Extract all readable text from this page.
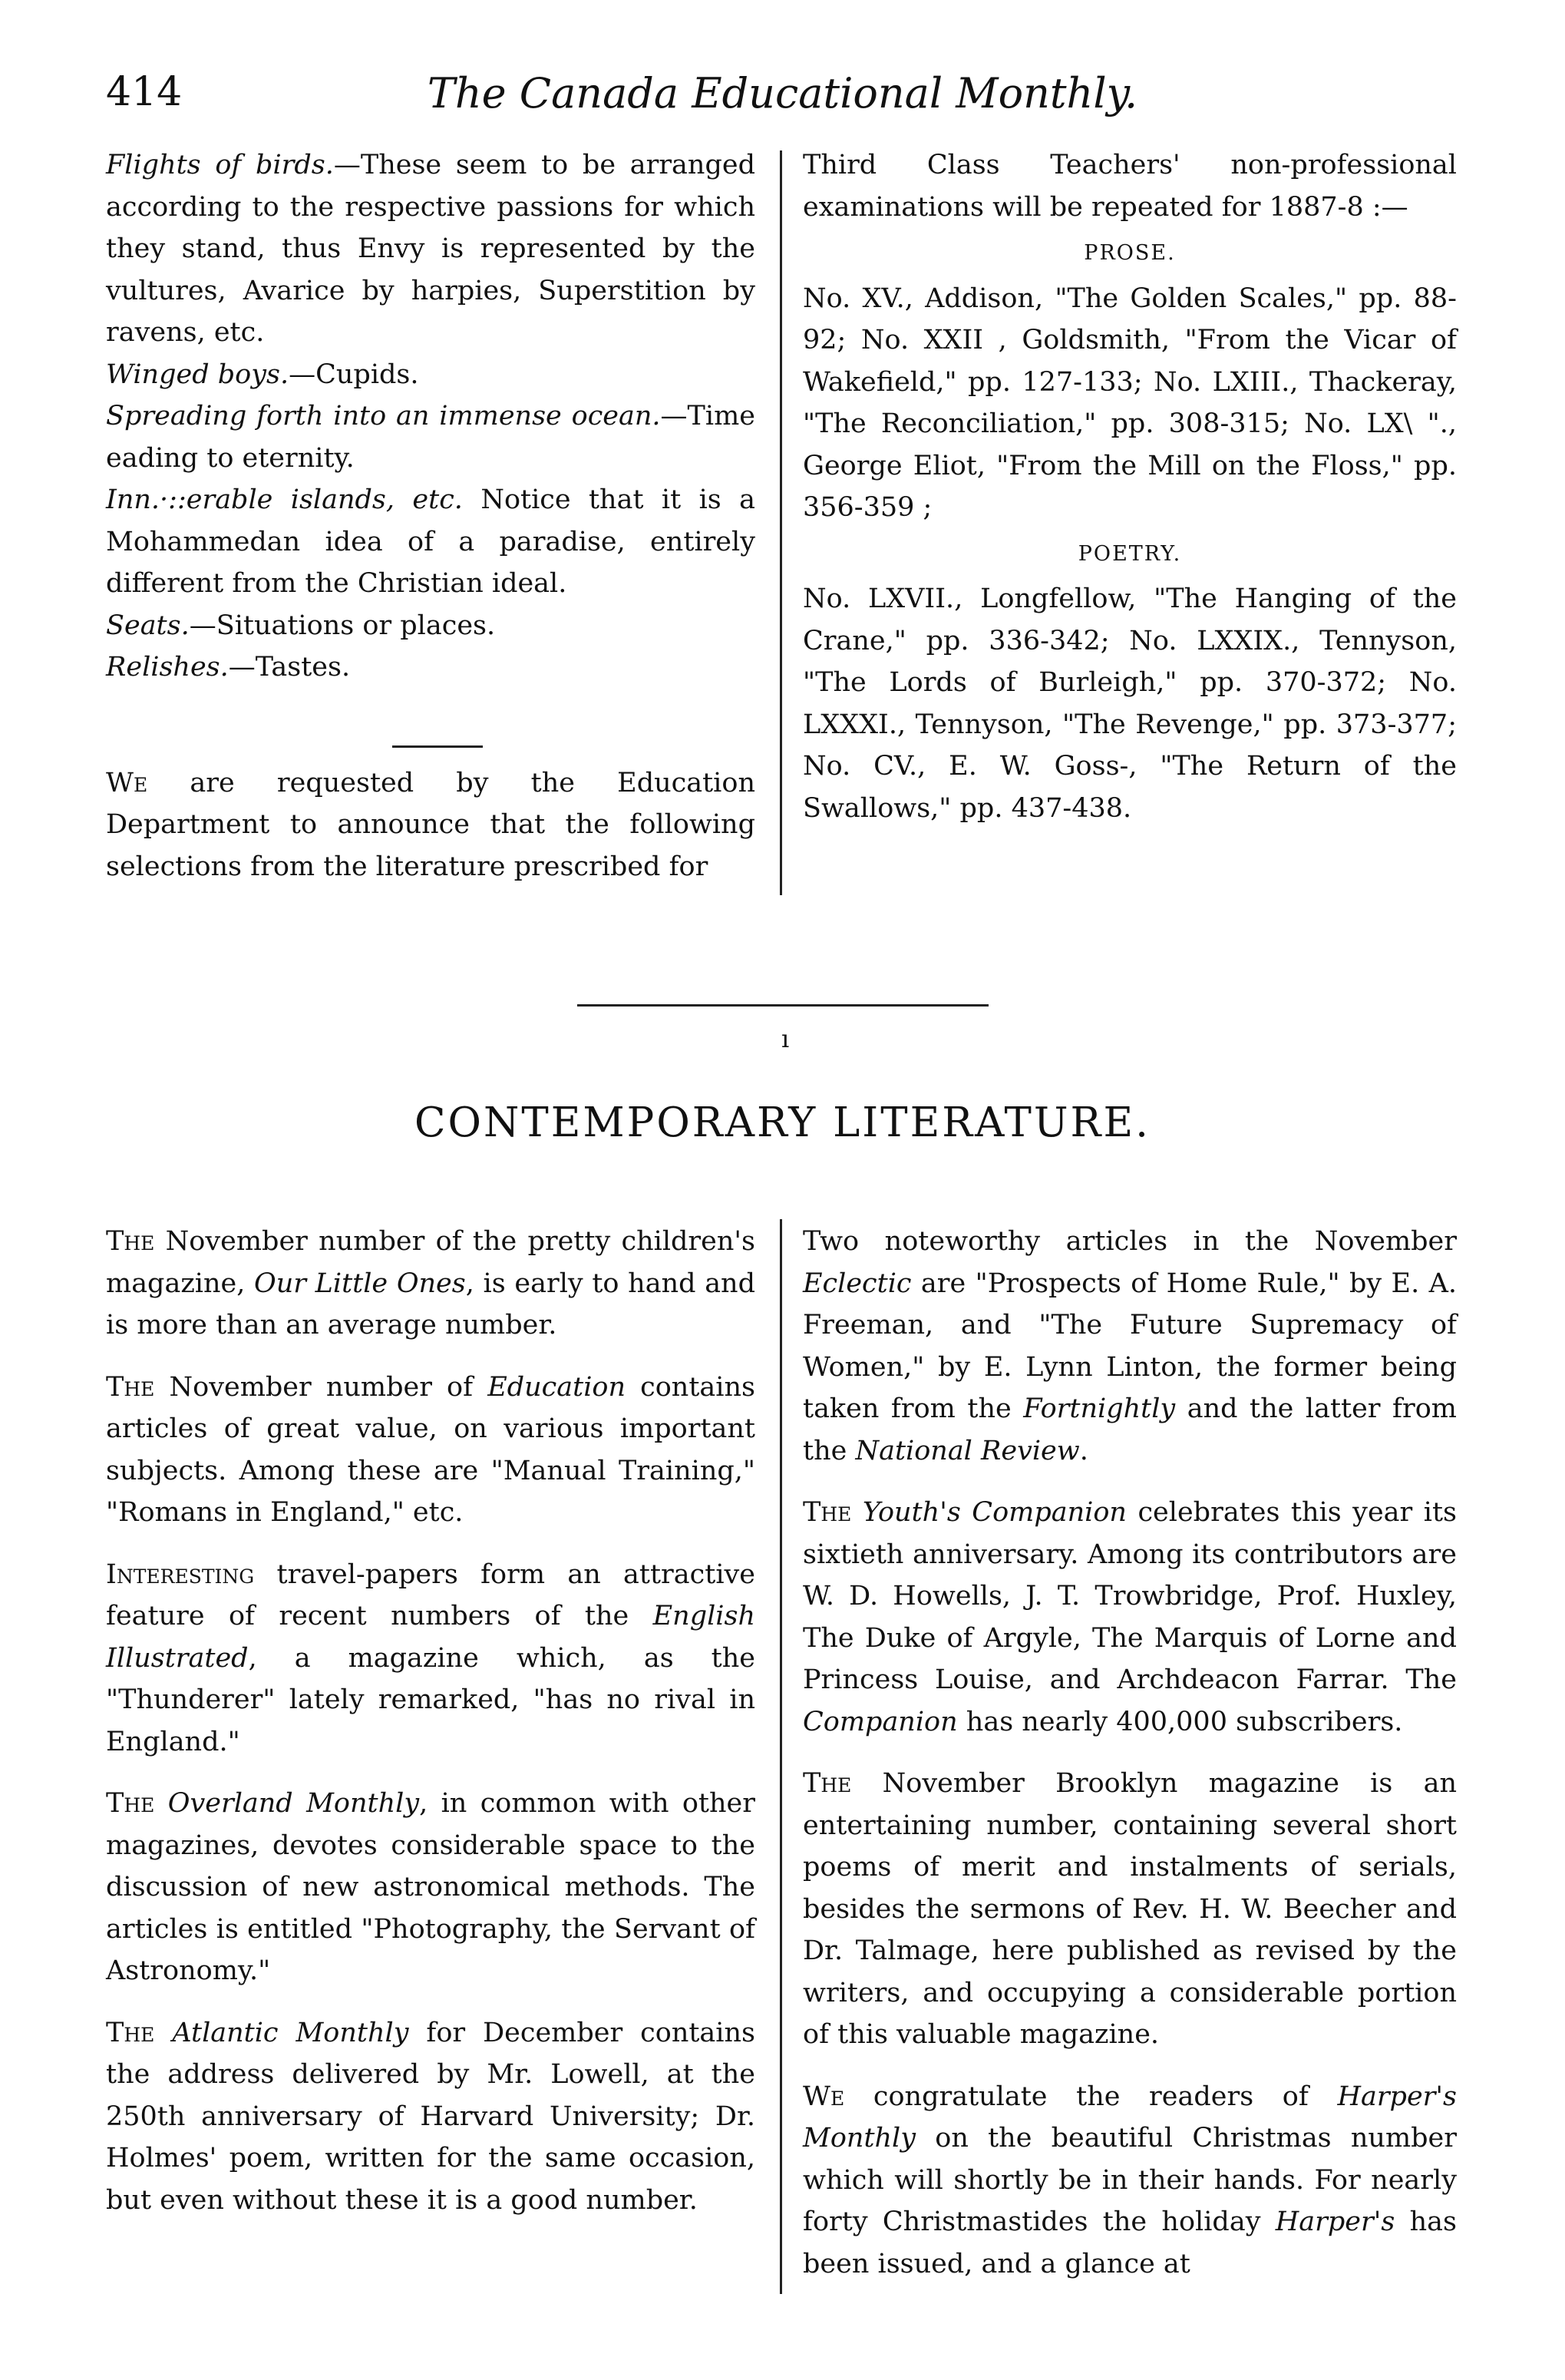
414	The Canada Educational Monthly.

Flights of birds.—These seem to be arranged according to the respective passions for which they stand, thus Envy is represented by the vultures, Avarice by harpies, Superstition by ravens, etc.

Winged boys.—Cupids.

Spreading forth into an immense ocean.—Time eading to eternity.

Inn.·::erable islands, etc. Notice that it is a Mohammedan idea of a paradise, entirely different from the Christian ideal.

Seats.—Situations or places.

Relishes.—Tastes.

We are requested by the Education Department to announce that the following selections from the literature prescribed for

Third Class Teachers' non-professional examinations will be repeated for 1887-8 :—

PROSE.

No. XV., Addison, "The Golden Scales," pp. 88-92; No. XXII , Goldsmith, "From the Vicar of Wakefield," pp. 127-133; No. LXIII., Thackeray, "The Reconciliation," pp. 308-315; No. LX\ "., George Eliot, "From the Mill on the Floss," pp. 356-359 ;

POETRY.

No. LXVII., Longfellow, "The Hanging of the Crane," pp. 336-342; No. LXXIX., Tennyson, "The Lords of Burleigh," pp. 370-372; No. LXXXI., Tennyson, "The Revenge," pp. 373-377; No. CV., E. W. Goss-, "The Return of the Swallows," pp. 437-438.

ı
CONTEMPORARY LITERATURE.

The November number of the pretty children's magazine, Our Little Ones, is early to hand and is more than an average number.

The November number of Education contains articles of great value, on various important subjects. Among these are "Manual Training," "Romans in England," etc.

Interesting travel-papers form an attractive feature of recent numbers of the English Illustrated, a magazine which, as the "Thunderer" lately remarked, "has no rival in England."

The Overland Monthly, in common with other magazines, devotes considerable space to the discussion of new astronomical methods. The articles is entitled "Photography, the Servant of Astronomy."

The Atlantic Monthly for December contains the address delivered by Mr. Lowell, at the 250th anniversary of Harvard University; Dr. Holmes' poem, written for the same occasion, but even without these it is a good number.

Two noteworthy articles in the November Eclectic are "Prospects of Home Rule," by E. A. Freeman, and "The Future Supremacy of Women," by E. Lynn Linton, the former being taken from the Fortnightly and the latter from the National Review.

The Youth's Companion celebrates this year its sixtieth anniversary. Among its contributors are W. D. Howells, J. T. Trowbridge, Prof. Huxley, The Duke of Argyle, The Marquis of Lorne and Princess Louise, and Archdeacon Farrar. The Companion has nearly 400,000 subscribers.

The November Brooklyn magazine is an entertaining number, containing several short poems of merit and instalments of serials, besides the sermons of Rev. H. W. Beecher and Dr. Talmage, here published as revised by the writers, and occupying a considerable portion of this valuable magazine.

We congratulate the readers of Harper's Monthly on the beautiful Christmas number which will shortly be in their hands. For nearly forty Christmastides the holiday Harper's has been issued, and a glance at
